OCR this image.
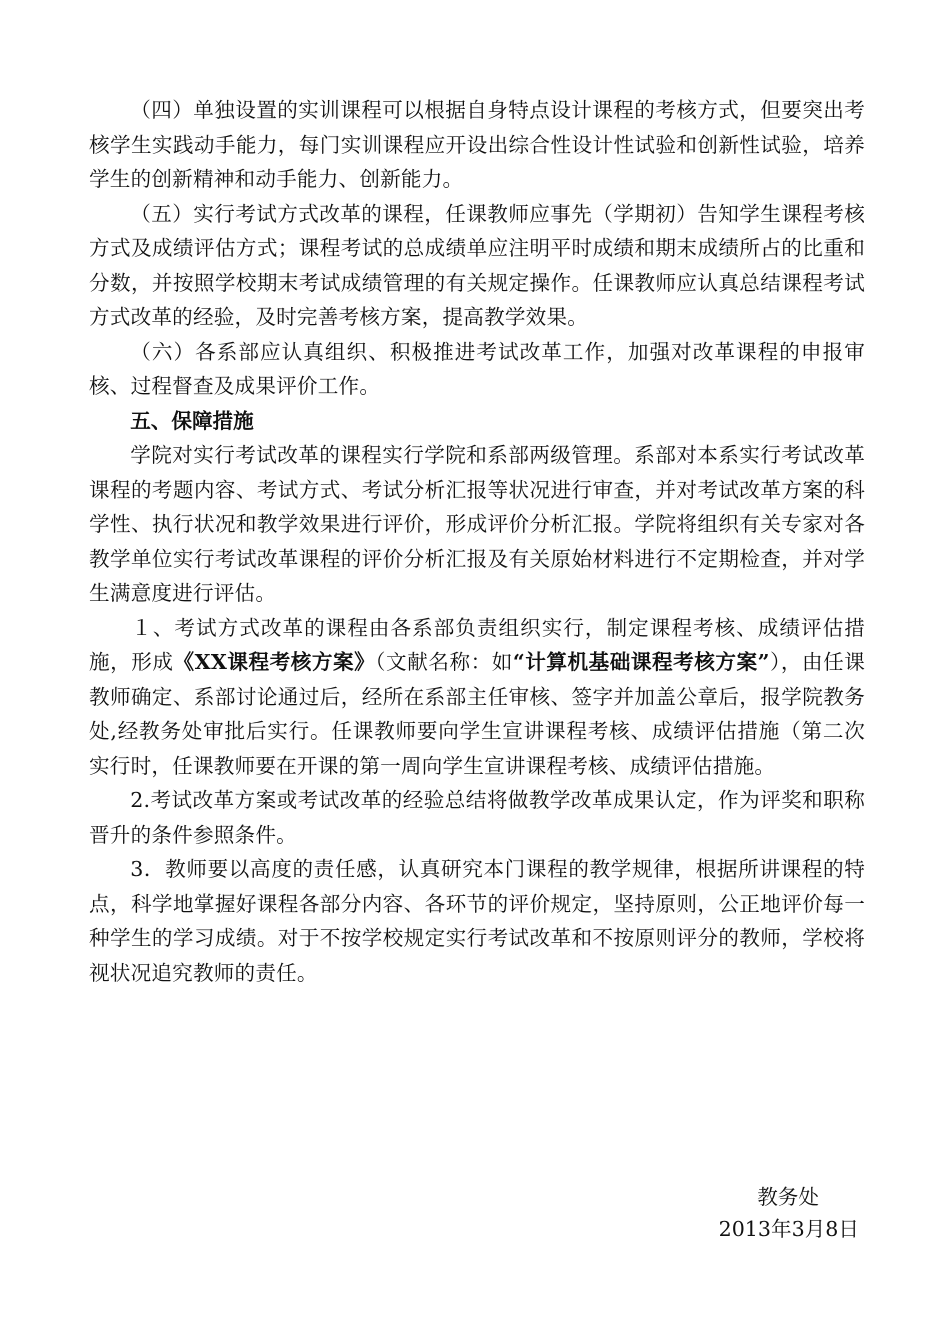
（四）单独设置的实训课程可以根据自身特点设计课程的考核方式，但要突出考核学生实践动手能力，每门实训课程应开设出综合性设计性试验和创新性试验，培养学生的创新精神和动手能力、创新能力。

（五）实行考试方式改革的课程，任课教师应事先（学期初）告知学生课程考核方式及成绩评估方式；课程考试的总成绩单应注明平时成绩和期末成绩所占的比重和分数，并按照学校期末考试成绩管理的有关规定操作。任课教师应认真总结课程考试方式改革的经验，及时完善考核方案，提高教学效果。

（六）各系部应认真组织、积极推进考试改革工作，加强对改革课程的申报审核、过程督查及成果评价工作。

五、保障措施

学院对实行考试改革的课程实行学院和系部两级管理。系部对本系实行考试改革课程的考题内容、考试方式、考试分析汇报等状况进行审查，并对考试改革方案的科学性、执行状况和教学效果进行评价，形成评价分析汇报。学院将组织有关专家对各教学单位实行考试改革课程的评价分析汇报及有关原始材料进行不定期检查，并对学生满意度进行评估。

１、考试方式改革的课程由各系部负责组织实行，制定课程考核、成绩评估措施，形成《XX课程考核方案》（文献名称：如“计算机基础课程考核方案”），由任课教师确定、系部讨论通过后，经所在系部主任审核、签字并加盖公章后，报学院教务处,经教务处审批后实行。任课教师要向学生宣讲课程考核、成绩评估措施（第二次实行时，任课教师要在开课的第一周向学生宣讲课程考核、成绩评估措施。

2.考试改革方案或考试改革的经验总结将做教学改革成果认定，作为评奖和职称晋升的条件参照条件。

3．教师要以高度的责任感，认真研究本门课程的教学规律，根据所讲课程的特点，科学地掌握好课程各部分内容、各环节的评价规定，坚持原则，公正地评价每一种学生的学习成绩。对于不按学校规定实行考试改革和不按原则评分的教师，学校将视状况追究教师的责任。

教务处
2013年3月8日
